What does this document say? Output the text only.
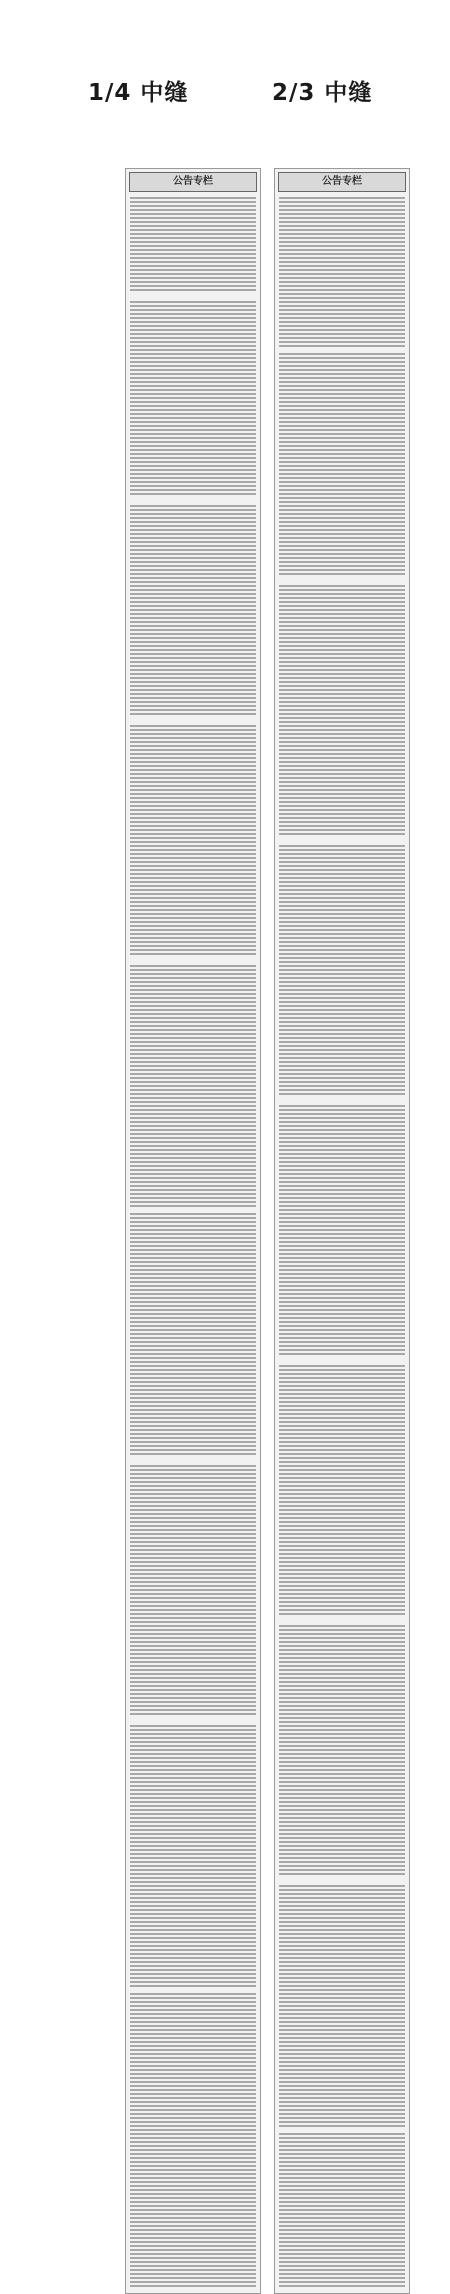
1/4 中缝	2/3 中缝
公告专栏	公告专栏
